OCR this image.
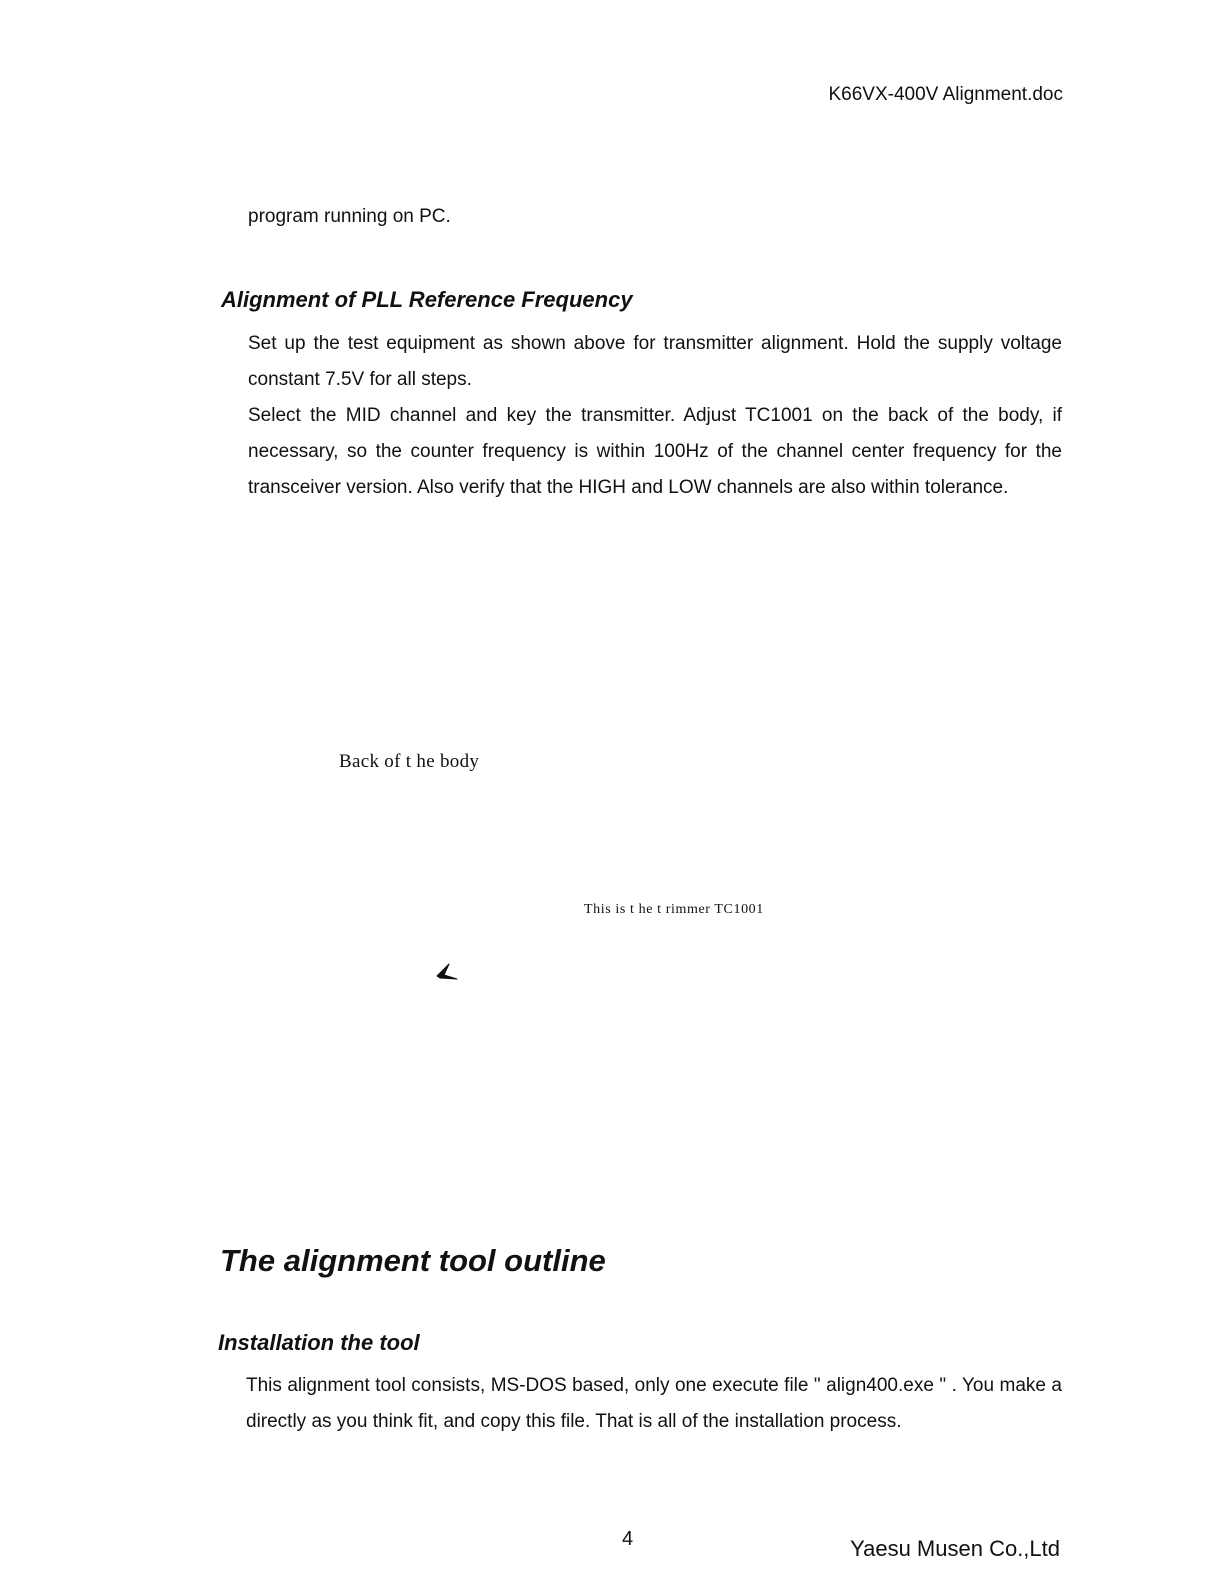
K66VX-400V Alignment.doc

program running on PC.

Alignment of PLL Reference Frequency

Set up the test equipment as shown above for transmitter alignment. Hold the supply voltage constant 7.5V for all steps.

Select the MID channel and key the transmitter. Adjust TC1001 on the back of the body, if necessary, so the counter frequency is within 100Hz of the channel center frequency for the transceiver version. Also verify that the HIGH and LOW channels are also within tolerance.

Back of t he body
This is t he t rimmer TC1001
The alignment tool outline
Installation the tool

This alignment tool consists, MS-DOS based, only one execute file " align400.exe " . You make a directly as you think fit, and copy this file. That is all of the installation process.

4	Yaesu Musen Co.,Ltd
